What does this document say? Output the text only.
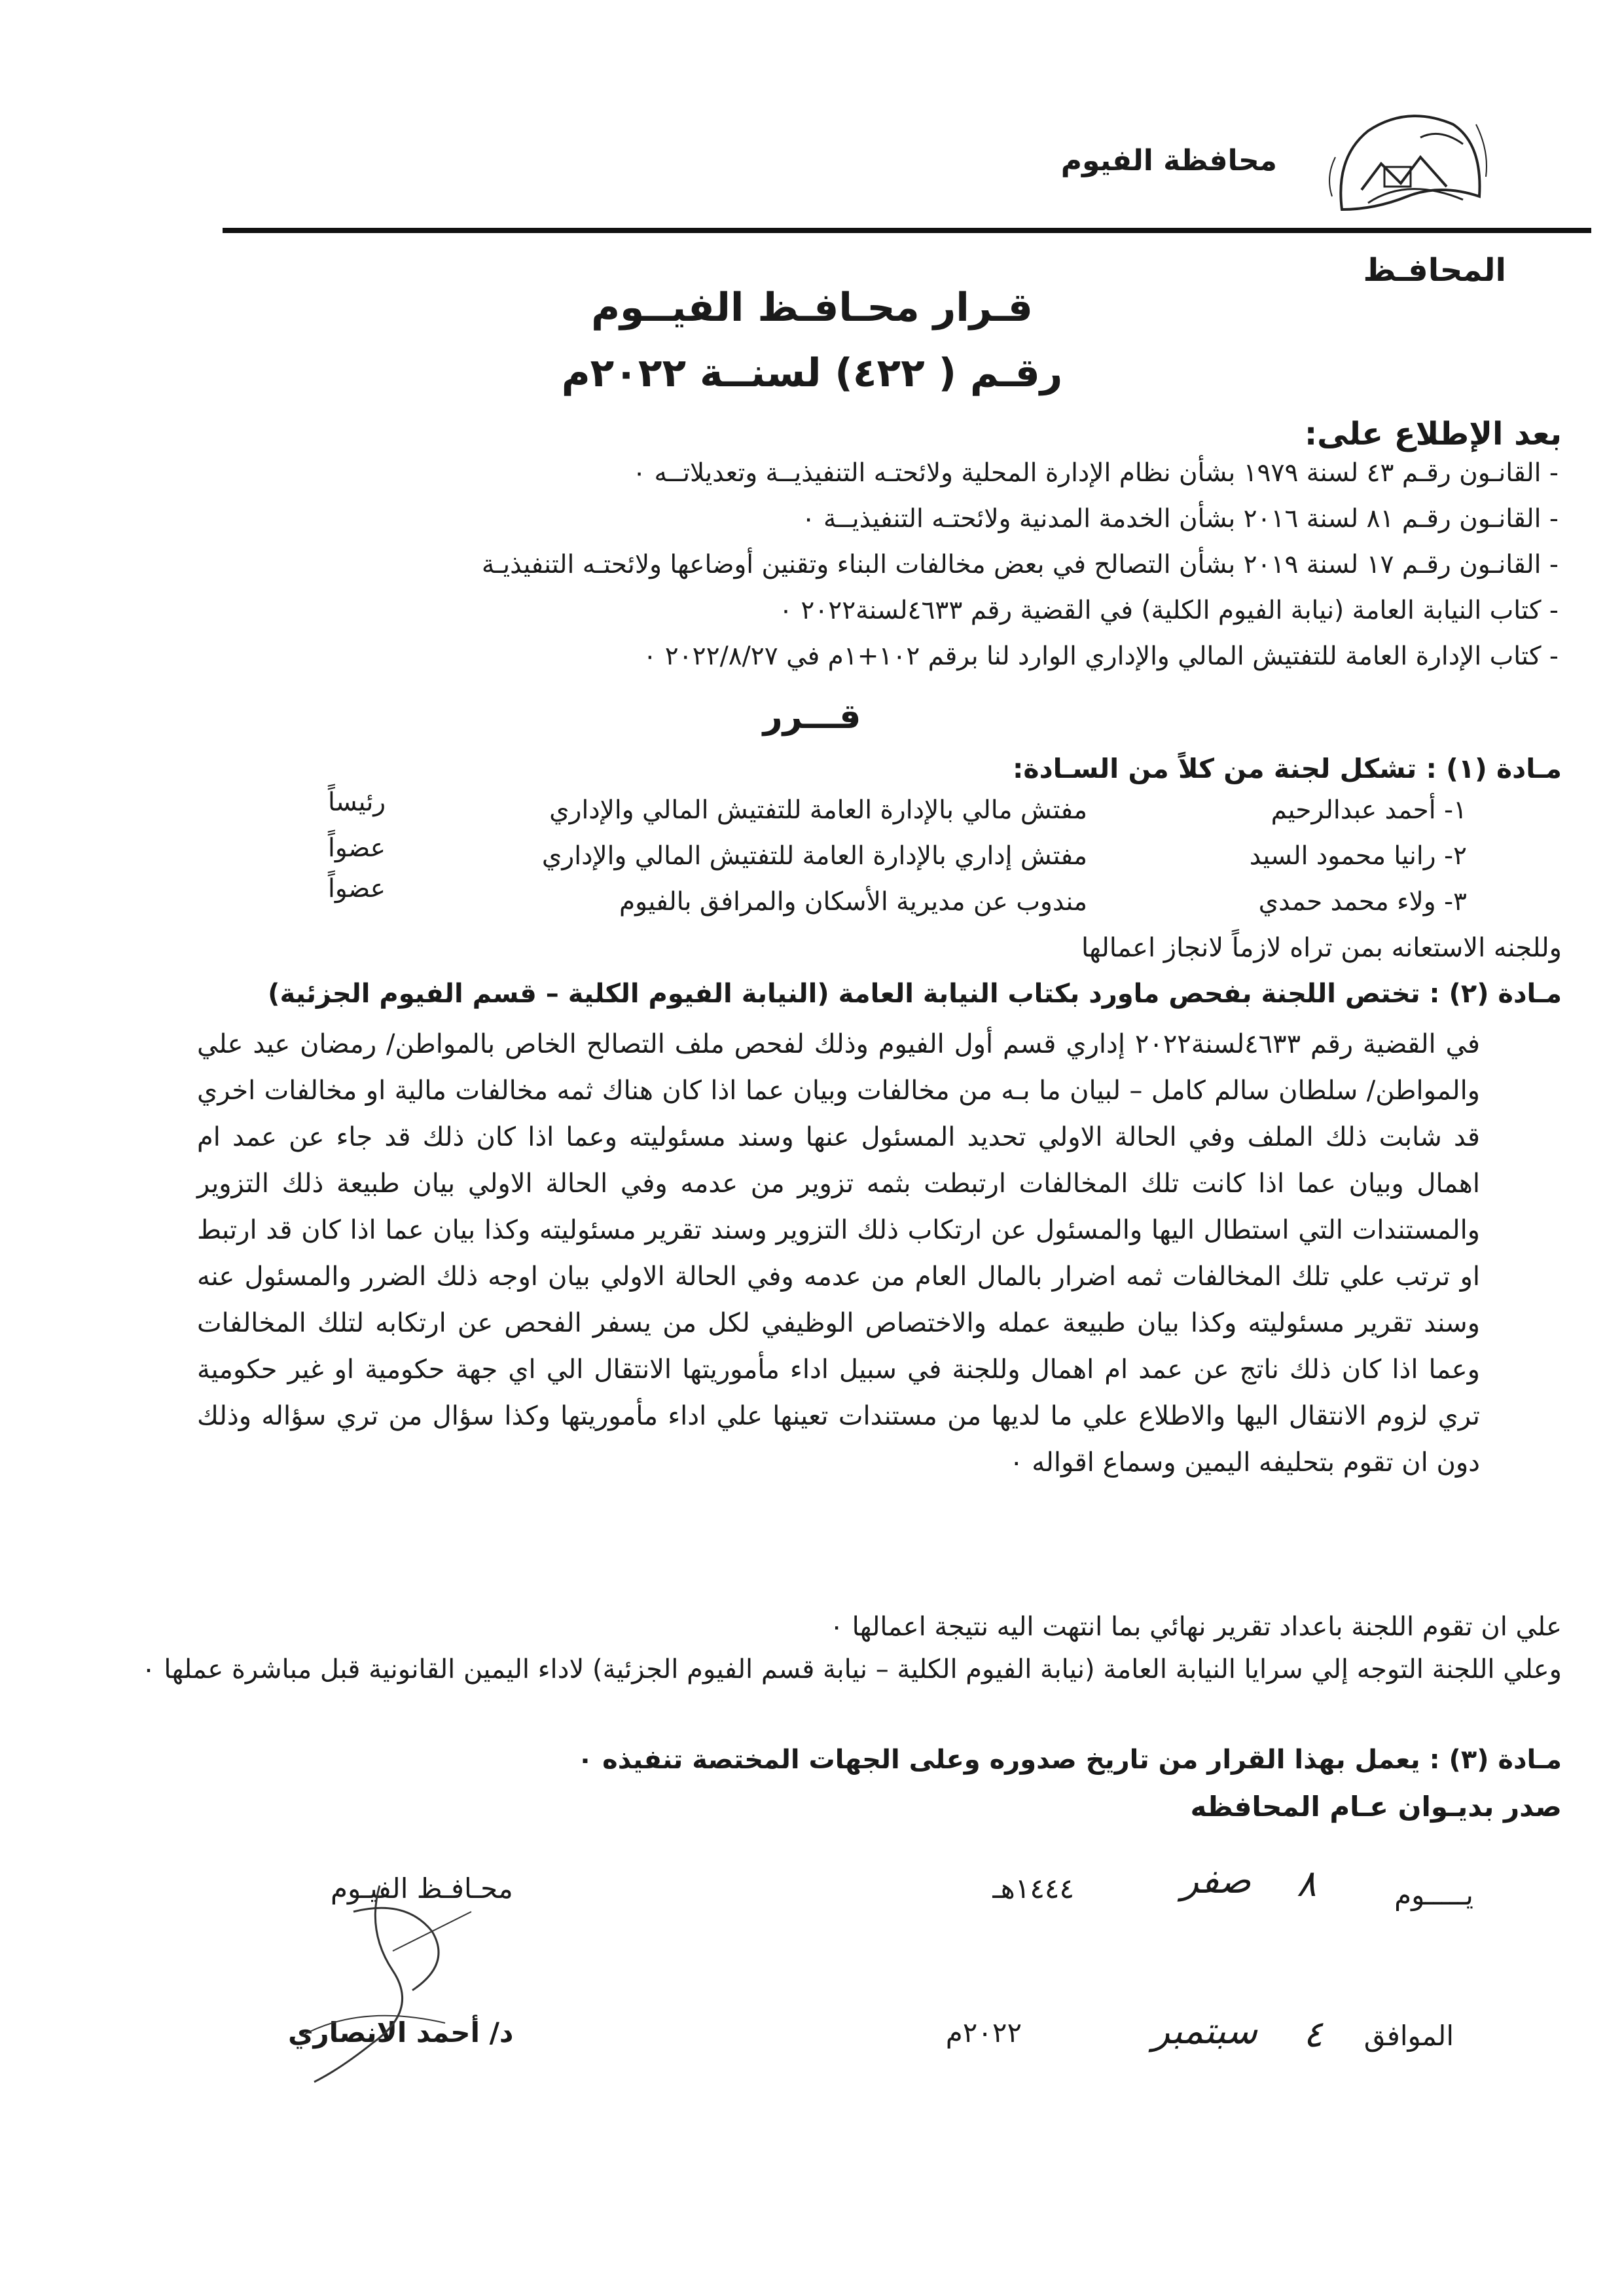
محافظة الفيوم
المحافـظ
قـرار محـافـظ الفيــوم
رقـم ( ٤٢٢) لسنــة ٢٠٢٢م
بعد الإطلاع على:
- القانـون رقـم ٤٣ لسنة ١٩٧٩ بشأن نظام الإدارة المحلية ولائحتـه التنفيذيــة وتعديلاتــه ٠
- القانـون رقـم ٨١ لسنة ٢٠١٦ بشأن الخدمة المدنية ولائحتـه التنفيذيــة ٠
- القانـون رقـم ١٧ لسنة ٢٠١٩ بشأن التصالح في بعض مخالفات البناء وتقنين أوضاعها ولائحتـه التنفيذيـة
- كتاب النيابة العامة (نيابة الفيوم الكلية) في القضية رقم ٤٦٣٣لسنة٢٠٢٢ ٠
- كتاب الإدارة العامة للتفتيش المالي والإداري الوارد لنا برقم ١٠٢+١م في ٢٠٢٢/٨/٢٧ ٠
قـــرر
مـادة (١) : تشكل لجنة من كلاً من السـادة:
١- أحمد عبدالرحيم
مفتش مالي بالإدارة العامة للتفتيش المالي والإداري
رئيساً
٢- رانيا محمود السيد
مفتش إداري بالإدارة العامة للتفتيش المالي والإداري
عضواً
٣- ولاء محمد حمدي
مندوب عن مديرية الأسكان والمرافق بالفيوم
عضواً
وللجنه الاستعانه بمن تراه لازماً لانجاز اعمالها
مـادة (٢) : تختص اللجنة بفحص ماورد بكتاب النيابة العامة (النيابة الفيوم الكلية – قسم الفيوم الجزئية)
في القضية رقم ٤٦٣٣لسنة٢٠٢٢ إداري قسم أول الفيوم وذلك لفحص ملف التصالح الخاص بالمواطن/ رمضان عيد علي والمواطن/ سلطان سالم كامل – لبيان ما بـه من مخالفات وبيان عما اذا كان هناك ثمه مخالفات مالية او مخالفات اخري قد شابت ذلك الملف وفي الحالة الاولي تحديد المسئول عنها وسند مسئوليته وعما اذا كان ذلك قد جاء عن عمد ام اهمال وبيان عما اذا كانت تلك المخالفات ارتبطت بثمه تزوير من عدمه وفي الحالة الاولي بيان طبيعة ذلك التزوير والمستندات التي استطال اليها والمسئول عن ارتكاب ذلك التزوير وسند تقرير مسئوليته وكذا بيان عما اذا كان قد ارتبط او ترتب علي تلك المخالفات ثمه اضرار بالمال العام من عدمه وفي الحالة الاولي بيان اوجه ذلك الضرر والمسئول عنه وسند تقرير مسئوليته وكذا بيان طبيعة عمله والاختصاص الوظيفي لكل من يسفر الفحص عن ارتكابه لتلك المخالفات وعما اذا كان ذلك ناتج عن عمد ام اهمال وللجنة في سبيل اداء مأموريتها الانتقال الي اي جهة حكومية او غير حكومية تري لزوم الانتقال اليها والاطلاع علي ما لديها من مستندات تعينها علي اداء مأموريتها وكذا سؤال من تري سؤاله وذلك دون ان تقوم بتحليفه اليمين وسماع اقواله ٠
علي ان تقوم اللجنة باعداد تقرير نهائي بما انتهت اليه نتيجة اعمالها ٠
وعلي اللجنة التوجه إلي سرايا النيابة العامة (نيابة الفيوم الكلية – نيابة قسم الفيوم الجزئية) لاداء اليمين القانونية قبل مباشرة عملها ٠
مـادة (٣) : يعمل بهذا القرار من تاريخ صدوره وعلى الجهات المختصة تنفيذه ٠
صدر بديـوان عـام المحافظه
يـــــوم
٨
صفر
١٤٤٤هـ
الموافق
٤
سبتمبر
٢٠٢٢م
محـافـظ الفيـوم
د/ أحمد الانصاري
